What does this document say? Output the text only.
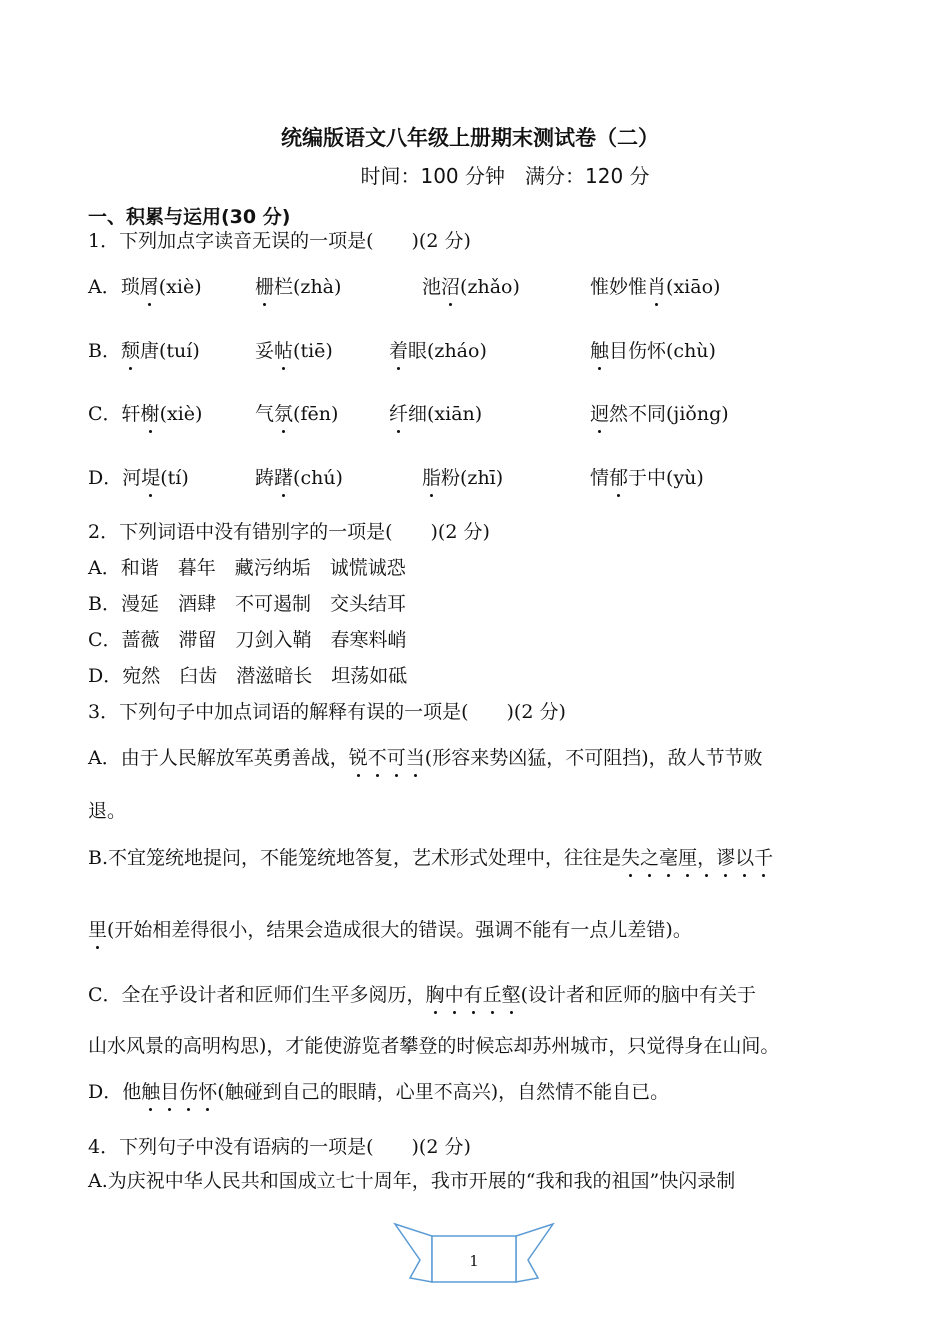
统编版语文八年级上册期末测试卷（二）
时间：100 分钟　满分：120 分
一、积累与运用(30 分)
1．下列加点字读音无误的一项是(　　)(2 分)
A．琐屑(xiè)	栅栏(zhà)	池沼(zhǎo)	惟妙惟肖(xiāo)
B．颓唐(tuí)	妥帖(tiē)	着眼(zháo)	触目伤怀(chù)
C．轩榭(xiè)	气氛(fēn)	纤细(xiān)	迥然不同(jiǒng)
D．河堤(tí)	踌躇(chú)	脂粉(zhī)	情郁于中(yù)
2．下列词语中没有错别字的一项是(　　)(2 分)
A．和谐　暮年　藏污纳垢　诚慌诚恐
B．漫延　酒肆　不可遏制　交头结耳
C．蔷薇　滞留　刀剑入鞘　春寒料峭
D．宛然　臼齿　潜滋暗长　坦荡如砥
3．下列句子中加点词语的解释有误的一项是(　　)(2 分)
A．由于人民解放军英勇善战，锐不可当(形容来势凶猛，不可阻挡)，敌人节节败
退。
B.不宜笼统地提问，不能笼统地答复，艺术形式处理中，往往是失之毫厘，谬以千
里(开始相差得很小，结果会造成很大的错误。强调不能有一点儿差错)。
C．全在乎设计者和匠师们生平多阅历，胸中有丘壑(设计者和匠师的脑中有关于
山水风景的高明构思)，才能使游览者攀登的时候忘却苏州城市，只觉得身在山间。
D．他触目伤怀(触碰到自己的眼睛，心里不高兴)，自然情不能自已。
4．下列句子中没有语病的一项是(　　)(2 分)
A.为庆祝中华人民共和国成立七十周年，我市开展的“我和我的祖国”快闪录制
1
